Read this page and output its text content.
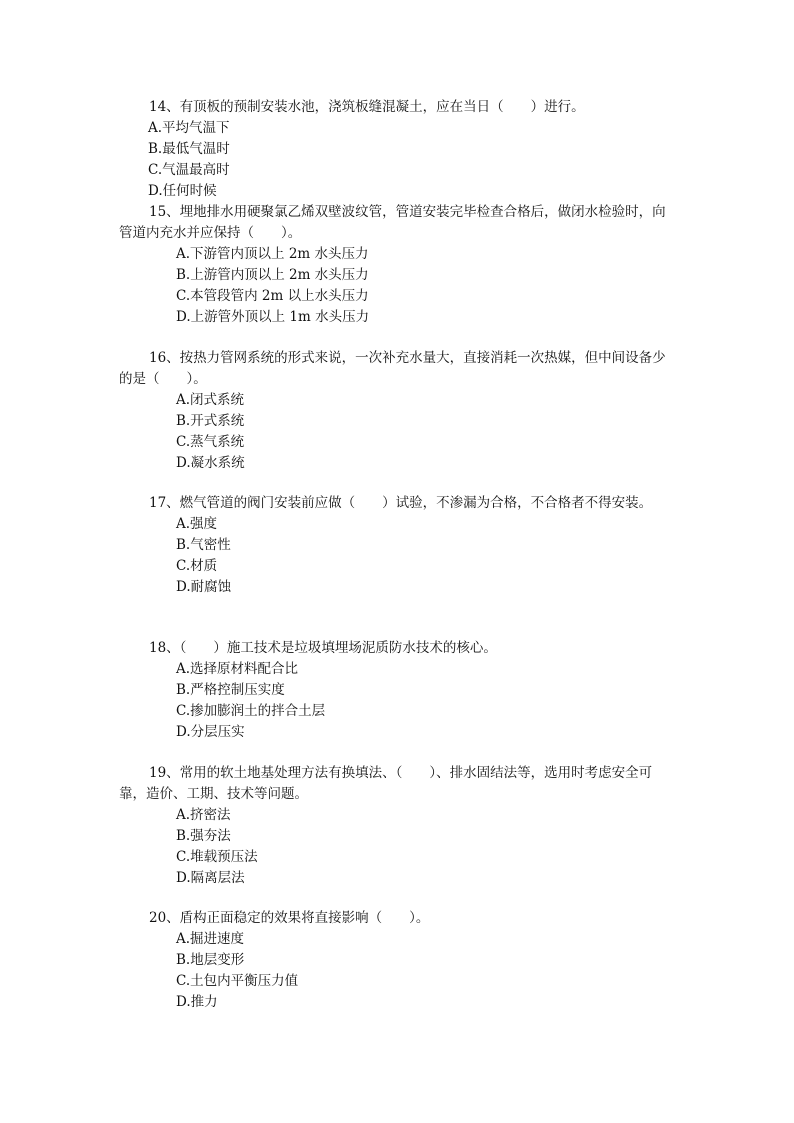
14、有顶板的预制安装水池，浇筑板缝混凝土，应在当日（　　）进行。

A.平均气温下
B.最低气温时
C.气温最高时
D.任何时候

15、埋地排水用硬聚氯乙烯双壁波纹管，管道安装完毕检查合格后，做闭水检验时，向管道内充水并应保持（　　）。

A.下游管内顶以上 2m 水头压力
B.上游管内顶以上 2m 水头压力
C.本管段管内 2m 以上水头压力
D.上游管外顶以上 1m 水头压力

16、按热力管网系统的形式来说，一次补充水量大，直接消耗一次热媒，但中间设备少的是（　　）。

A.闭式系统
B.开式系统
C.蒸气系统
D.凝水系统

17、燃气管道的阀门安装前应做（　　）试验，不渗漏为合格，不合格者不得安装。

A.强度
B.气密性
C.材质
D.耐腐蚀

18、（　　）施工技术是垃圾填埋场泥质防水技术的核心。

A.选择原材料配合比
B.严格控制压实度
C.掺加膨润土的拌合土层
D.分层压实

19、常用的软土地基处理方法有换填法、（　　）、排水固结法等，选用时考虑安全可靠，造价、工期、技术等问题。

A.挤密法
B.强夯法
C.堆载预压法
D.隔离层法

20、盾构正面稳定的效果将直接影响（　　）。

A.掘进速度
B.地层变形
C.土包内平衡压力值
D.推力
